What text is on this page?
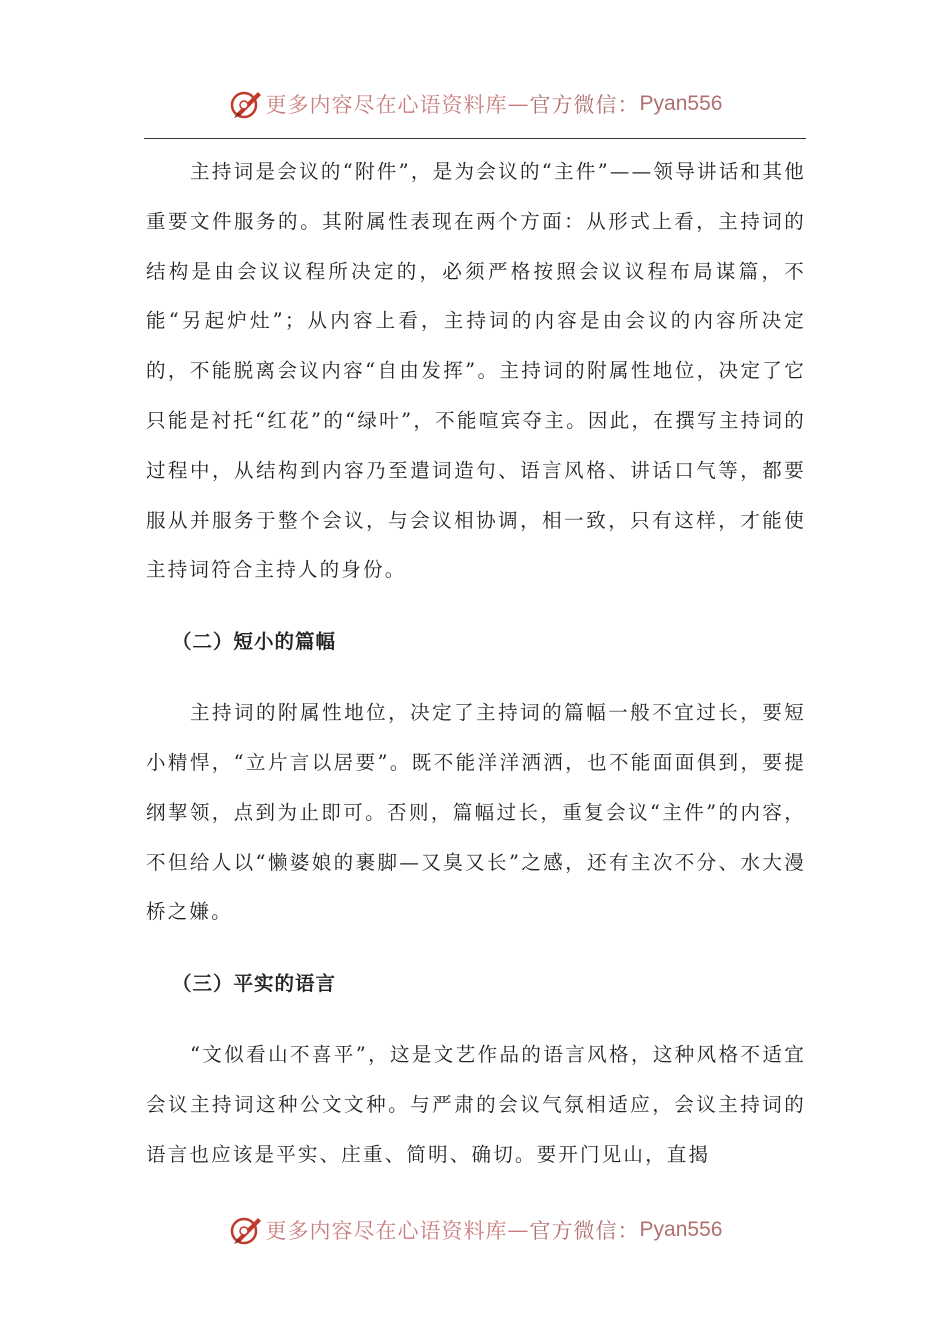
更多内容尽在心语资料库 — 官方微信： Pyan556

主持词是会议的“附件”，是为会议的“主件”——领导讲话和其他重要文件服务的。其附属性表现在两个方面：从形式上看，主持词的结构是由会议议程所决定的，必须严格按照会议议程布局谋篇，不能“另起炉灶”；从内容上看，主持词的内容是由会议的内容所决定的，不能脱离会议内容“自由发挥”。主持词的附属性地位，决定了它只能是衬托“红花”的“绿叶”，不能喧宾夺主。因此，在撰写主持词的过程中，从结构到内容乃至遣词造句、语言风格、讲话口气等，都要服从并服务于整个会议，与会议相协调，相一致，只有这样，才能使主持词符合主持人的身份。

（二）短小的篇幅

主持词的附属性地位，决定了主持词的篇幅一般不宜过长，要短小精悍，“立片言以居要”。既不能洋洋洒洒，也不能面面俱到，要提纲挈领，点到为止即可。否则，篇幅过长，重复会议“主件”的内容，不但给人以“懒婆娘的裹脚—又臭又长”之感，还有主次不分、水大漫桥之嫌。

（三）平实的语言

“文似看山不喜平”，这是文艺作品的语言风格，这种风格不适宜会议主持词这种公文文种。与严肃的会议气氛相适应，会议主持词的语言也应该是平实、庄重、简明、确切。要开门见山，直揭

更多内容尽在心语资料库 — 官方微信： Pyan556
